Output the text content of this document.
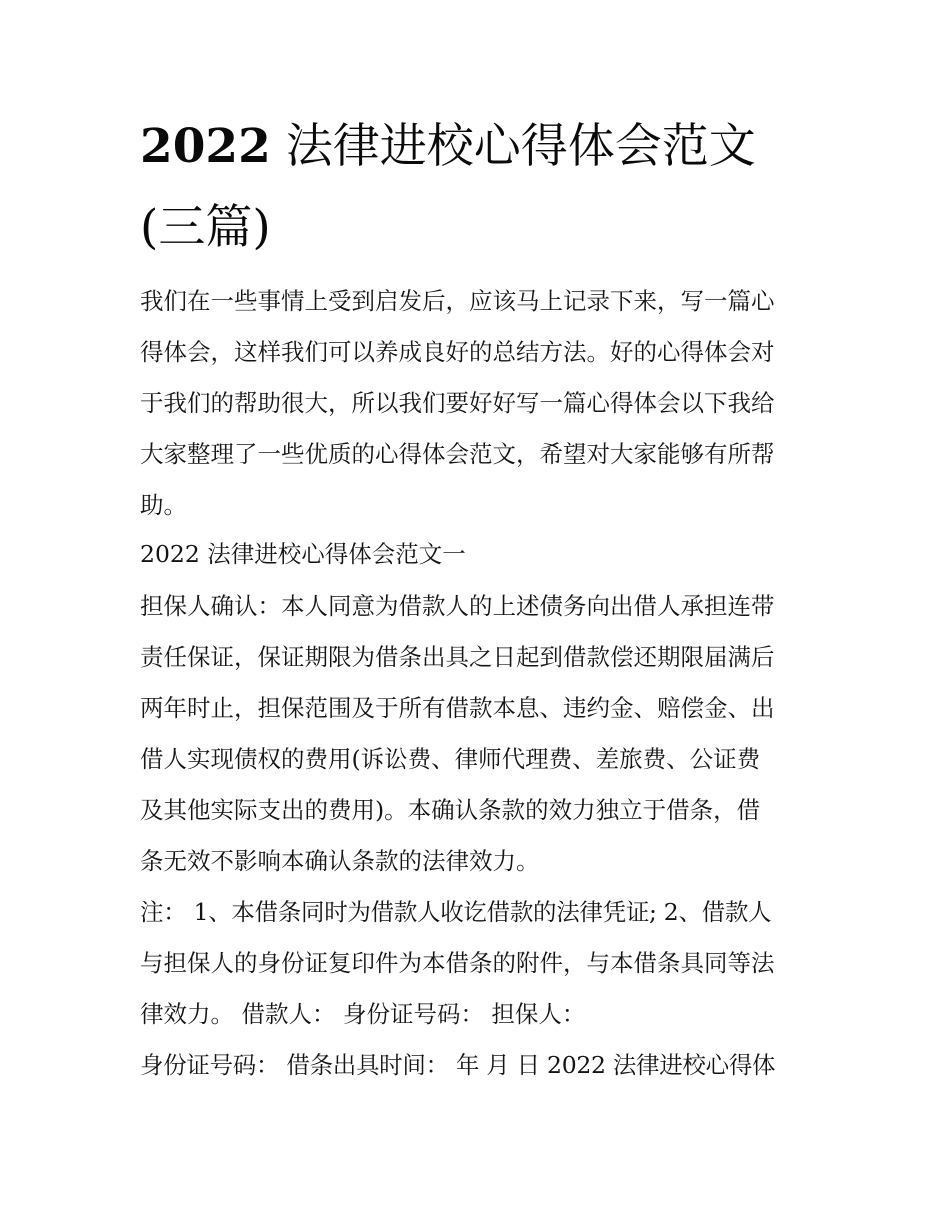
2022 法律进校心得体会范文
(三篇)
我们在一些事情上受到启发后，应该马上记录下来，写一篇心
得体会，这样我们可以养成良好的总结方法。好的心得体会对
于我们的帮助很大，所以我们要好好写一篇心得体会以下我给
大家整理了一些优质的心得体会范文，希望对大家能够有所帮
助。
2022 法律进校心得体会范文一
担保人确认：本人同意为借款人的上述债务向出借人承担连带
责任保证，保证期限为借条出具之日起到借款偿还期限届满后
两年时止，担保范围及于所有借款本息、违约金、赔偿金、出
借人实现债权的费用(诉讼费、律师代理费、差旅费、公证费
及其他实际支出的费用)。本确认条款的效力独立于借条，借
条无效不影响本确认条款的法律效力。
注： 1、本借条同时为借款人收讫借款的法律凭证; 2、借款人
与担保人的身份证复印件为本借条的附件，与本借条具同等法
律效力。 借款人： 身份证号码： 担保人：
身份证号码： 借条出具时间： 年 月 日 2022 法律进校心得体
